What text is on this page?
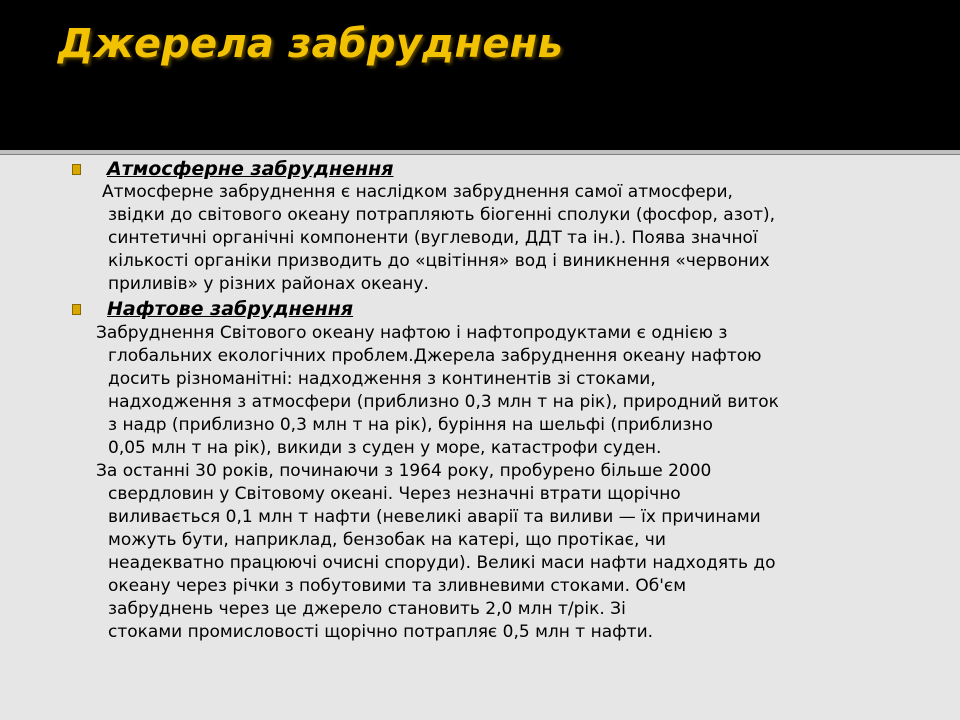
Джерела забруднень
Атмосферне забруднення
Атмосферне забруднення є наслідком забруднення самої атмосфери,
звідки до світового океану потрапляють біогенні сполуки (фосфор, азот),
синтетичні органічні компоненти (вуглеводи, ДДТ та ін.). Поява значної
кількості органіки призводить до «цвітіння» вод і виникнення «червоних
приливів» у різних районах океану.
Нафтове забруднення
Забруднення Світового океану нафтою і нафтопродуктами є однією з
глобальних екологічних проблем.Джерела забруднення океану нафтою
досить різноманітні: надходження з континентів зі стоками,
надходження з атмосфери (приблизно 0,3 млн т на рік), природний виток
з надр (приблизно 0,3 млн т на рік), буріння на шельфі (приблизно
0,05 млн т на рік), викиди з суден у море, катастрофи суден.
За останні 30 років, починаючи з 1964 року, пробурено більше 2000
свердловин у Світовому океані. Через незначні втрати щорічно
виливається 0,1 млн т нафти (невеликі аварії та виливи — їх причинами
можуть бути, наприклад, бензобак на катері, що протікає, чи
неадекватно працюючі очисні споруди). Великі маси нафти надходять до
океану через річки з побутовими та зливневими стоками. Об'єм
забруднень через це джерело становить 2,0 млн т/рік. Зі
стоками промисловості щорічно потрапляє 0,5 млн т нафти.
